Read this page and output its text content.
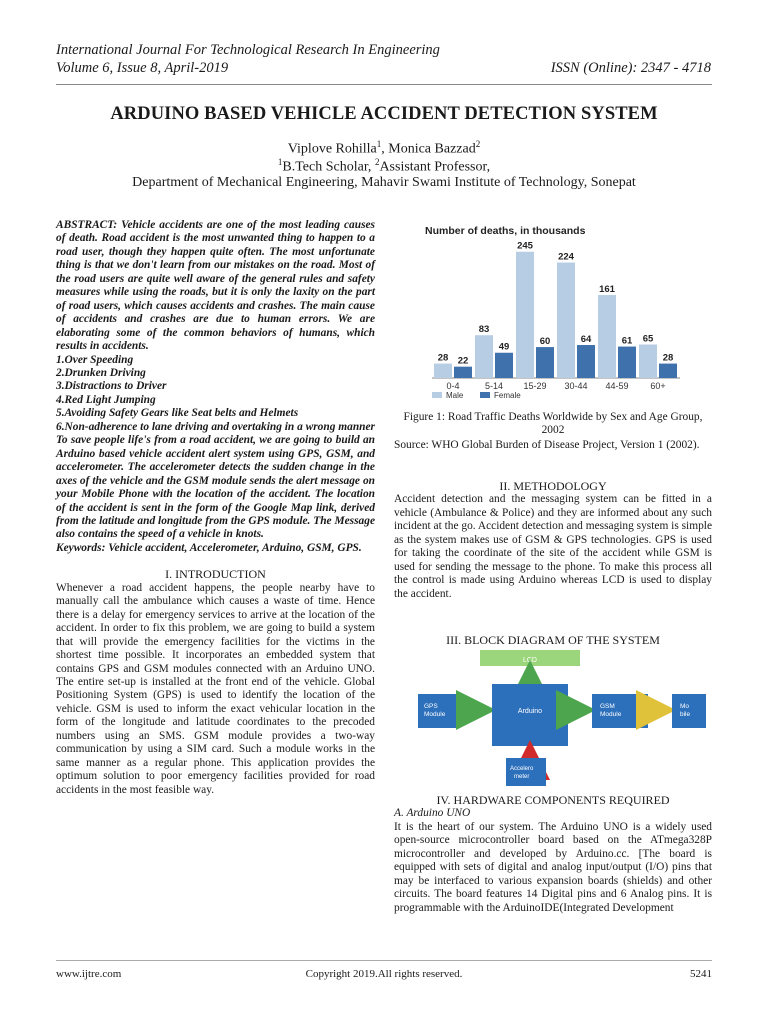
International Journal For Technological Research In Engineering
Volume 6, Issue 8, April-2019	ISSN (Online): 2347 - 4718
ARDUINO BASED VEHICLE ACCIDENT DETECTION SYSTEM
Viplove Rohilla$^1$, Monica Bazzad$^2$
$^1$B.Tech Scholar, $^2$Assistant Professor,
Department of Mechanical Engineering, Mahavir Swami Institute of Technology, Sonepat

ABSTRACT: Vehicle accidents are one of the most leading causes of death. Road accident is the most unwanted thing to happen to a road user, though they happen quite often. The most unfortunate thing is that we don't learn from our mistakes on the road. Most of the road users are quite well aware of the general rules and safety measures while using the roads, but it is only the laxity on the part of road users, which causes accidents and crashes. The main cause of accidents and crashes are due to human errors. We are elaborating some of the common behaviors of humans, which results in accidents.

1.Over Speeding
2.Drunken Driving
3.Distractions to Driver
4.Red Light Jumping
5.Avoiding Safety Gears like Seat belts and Helmets
6.Non-adherence to lane driving and overtaking in a wrong manner

To save people life's from a road accident, we are going to build an Arduino based vehicle accident alert system using GPS, GSM, and accelerometer. The accelerometer detects the sudden change in the axes of the vehicle and the GSM module sends the alert message on your Mobile Phone with the location of the accident. The location of the accident is sent in the form of the Google Map link, derived from the latitude and longitude from the GPS module. The Message also contains the speed of a vehicle in knots.

Keywords: Vehicle accident, Accelerometer, Arduino, GSM, GPS.

I. INTRODUCTION

Whenever a road accident happens, the people nearby have to manually call the ambulance which causes a waste of time. Hence there is a delay for emergency services to arrive at the location of the accident. In order to fix this problem, we are going to build a system that will provide the emergency facilities for the victims in the shortest time possible. It incorporates an embedded system that contains GPS and GSM modules connected with an Arduino UNO. The entire set-up is installed at the front end of the vehicle. Global Positioning System (GPS) is used to identify the location of the vehicle. GSM is used to inform the exact vehicular location in the form of the longitude and latitude coordinates to the precoded numbers using an SMS. GSM module provides a two-way communication by using a SIM card. Such a module works in the same manner as a regular phone. This application provides the optimum solution to poor emergency facilities provided for road accidents in the most feasible way.

Number of deaths, in thousands
28 22
0-4
83
49
5-14
245
60
15-29
224
64
30-44
161
61
44-59
65
28
60+
Male	Female
Figure 1: Road Traffic Deaths Worldwide by Sex and Age Group, 2002
Source: WHO Global Burden of Disease Project, Version 1 (2002).

II. METHODOLOGY

Accident detection and the messaging system can be fitted in a vehicle (Ambulance & Police) and they are informed about any such incident at the go. Accident detection and messaging system is simple as the system makes use of GSM & GPS technologies. GPS is used for taking the coordinate of the site of the accident while GSM is used for sending the message to the phone. To make this process all the control is made using Arduino whereas LCD is used to display the accident.

III. BLOCK DIAGRAM OF THE SYSTEM

LCD
GPS
Module	Arduino
GSM
Module
Mo
bile
Accelero
meter

IV. HARDWARE COMPONENTS REQUIRED

A. Arduino UNO

It is the heart of our system. The Arduino UNO is a widely used open-source microcontroller board based on the ATmega328P microcontroller and developed by Arduino.cc. [The board is equipped with sets of digital and analog input/output (I/O) pins that may be interfaced to various expansion boards (shields) and other circuits. The board features 14 Digital pins and 6 Analog pins. It is programmable with the ArduinoIDE(Integrated Development

www.ijtre.com	Copyright 2019.All rights reserved.	5241
